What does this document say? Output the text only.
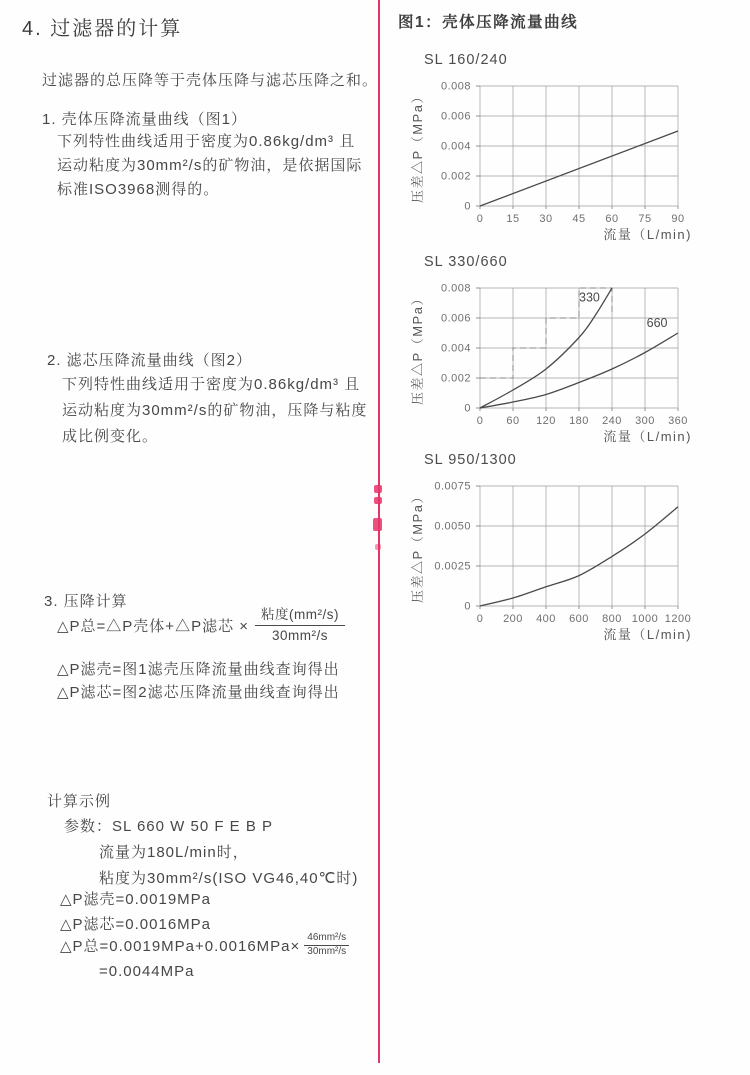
4. 过滤器的计算
过滤器的总压降等于壳体压降与滤芯压降之和。
1. 壳体压降流量曲线（图1）
下列特性曲线适用于密度为0.86kg/dm³ 且
运动粘度为30mm²/s的矿物油，是依据国际
标准ISO3968测得的。
2. 滤芯压降流量曲线（图2）
下列特性曲线适用于密度为0.86kg/dm³ 且
运动粘度为30mm²/s的矿物油，压降与粘度
成比例变化。
3. 压降计算
△P总=△P壳体+△P滤芯 × $\frac{\text{粘度(mm²/s)}}{\text{30mm²/s}}$
△P滤壳=图1滤壳压降流量曲线查询得出
△P滤芯=图2滤芯压降流量曲线查询得出
计算示例
参数：SL 660 W 50 F E B P
流量为180L/min时，
粘度为30mm²/s(ISO VG46,40℃时)
△P滤壳=0.0019MPa
△P滤芯=0.0016MPa
△P总$=0.0019MPa+0.0016MPa\times \frac{\text{46mm²/s}}{\text{30mm²/s}}$
=0.0044MPa
图1：壳体压降流量曲线
SL 160/240
0 15 30 45 60 75 90
0
0.002
0.004
0.006
0.008
压差△P（MPa）
流量（L/min)
SL 330/660
0 60 120 180 240 300 360
0
0.002
0.004
0.006
0.008
330
660
压差△P（MPa）
流量（L/min)
SL 950/1300
0 200 400 600 800 1000 1200
0
0.0025
0.0050
0.0075
压差△P（MPa）
流量（L/min)
